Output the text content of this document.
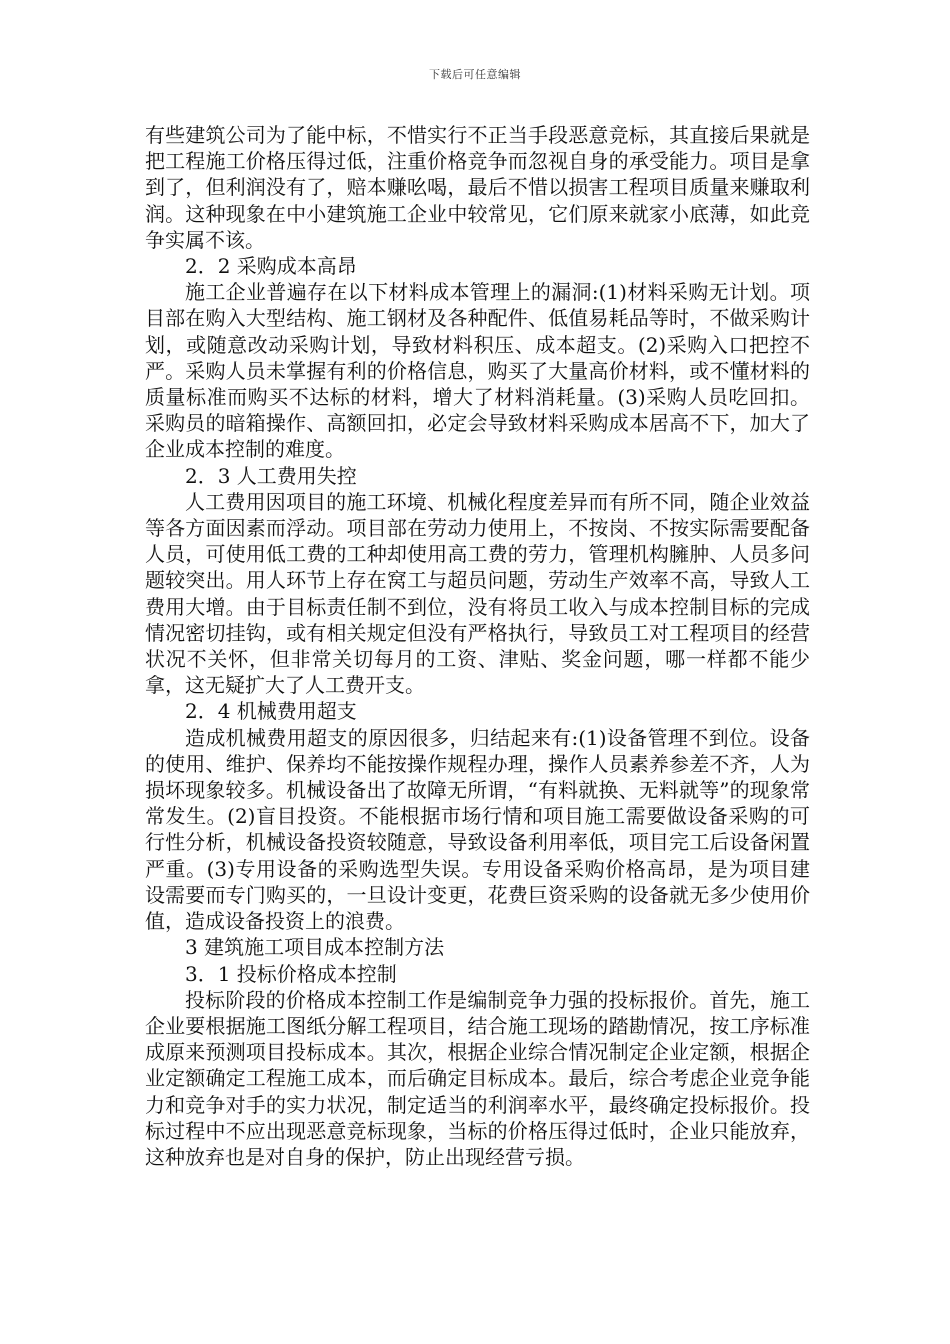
下载后可任意编辑

有些建筑公司为了能中标，不惜实行不正当手段恶意竞标，其直接后果就是把工程施工价格压得过低，注重价格竞争而忽视自身的承受能力。项目是拿到了，但利润没有了，赔本赚吆喝，最后不惜以损害工程项目质量来赚取利润。这种现象在中小建筑施工企业中较常见，它们原来就家小底薄，如此竞争实属不该。

2．2 采购成本高昂

施工企业普遍存在以下材料成本管理上的漏洞:(1)材料采购无计划。项目部在购入大型结构、施工钢材及各种配件、低值易耗品等时，不做采购计划，或随意改动采购计划，导致材料积压、成本超支。(2)采购入口把控不严。采购人员未掌握有利的价格信息，购买了大量高价材料，或不懂材料的质量标准而购买不达标的材料，增大了材料消耗量。(3)采购人员吃回扣。采购员的暗箱操作、高额回扣，必定会导致材料采购成本居高不下，加大了企业成本控制的难度。

2．3 人工费用失控

人工费用因项目的施工环境、机械化程度差异而有所不同，随企业效益等各方面因素而浮动。项目部在劳动力使用上，不按岗、不按实际需要配备人员，可使用低工费的工种却使用高工费的劳力，管理机构臃肿、人员多问题较突出。用人环节上存在窝工与超员问题，劳动生产效率不高，导致人工费用大增。由于目标责任制不到位，没有将员工收入与成本控制目标的完成情况密切挂钩，或有相关规定但没有严格执行，导致员工对工程项目的经营状况不关怀，但非常关切每月的工资、津贴、奖金问题，哪一样都不能少拿，这无疑扩大了人工费开支。

2．4 机械费用超支

造成机械费用超支的原因很多，归结起来有:(1)设备管理不到位。设备的使用、维护、保养均不能按操作规程办理，操作人员素养参差不齐，人为损坏现象较多。机械设备出了故障无所谓，“有料就换、无料就等”的现象常常发生。(2)盲目投资。不能根据市场行情和项目施工需要做设备采购的可行性分析，机械设备投资较随意，导致设备利用率低，项目完工后设备闲置严重。(3)专用设备的采购选型失误。专用设备采购价格高昂，是为项目建设需要而专门购买的，一旦设计变更，花费巨资采购的设备就无多少使用价值，造成设备投资上的浪费。

3 建筑施工项目成本控制方法
3．1 投标价格成本控制

投标阶段的价格成本控制工作是编制竞争力强的投标报价。首先，施工企业要根据施工图纸分解工程项目，结合施工现场的踏勘情况，按工序标准成原来预测项目投标成本。其次，根据企业综合情况制定企业定额，根据企业定额确定工程施工成本，而后确定目标成本。最后，综合考虑企业竞争能力和竞争对手的实力状况，制定适当的利润率水平，最终确定投标报价。投标过程中不应出现恶意竞标现象，当标的价格压得过低时，企业只能放弃，这种放弃也是对自身的保护，防止出现经营亏损。
